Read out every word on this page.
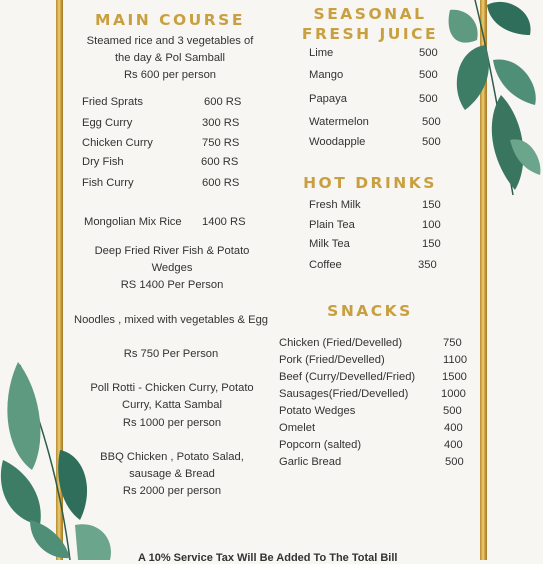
MAIN COURSE
Steamed rice and 3 vegetables of the day & Pol Samball
Rs 600 per person
Fried Sprats	600 RS
Egg Curry	300 RS
Chicken Curry	750 RS
Dry Fish	600 RS
Fish Curry	600 RS
Mongolian Mix Rice 1400 RS
Deep Fried River Fish & Potato Wedges
RS 1400 Per Person
Noodles , mixed with vegetables & Egg
Rs 750 Per Person
Poll Rotti - Chicken Curry, Potato Curry, Katta Sambal
Rs 1000 per person
BBQ Chicken , Potato Salad, sausage & Bread
Rs 2000 per person
SEASONAL
FRESH JUICE
Lime	500
Mango	500
Papaya	500
Watermelon	500
Woodapple	500
HOT DRINKS
Fresh Milk	150
Plain Tea	100
Milk Tea	150
Coffee	350
SNACKS
Chicken (Fried/Develled)	750
Pork (Fried/Develled)	1100
Beef (Curry/Develled/Fried) 1500
Sausages(Fried/Develled)	1000
Potato Wedges	500
Omelet	400
Popcorn (salted)	400
Garlic Bread	500
A 10% Service Tax Will Be Added To The Total Bill
